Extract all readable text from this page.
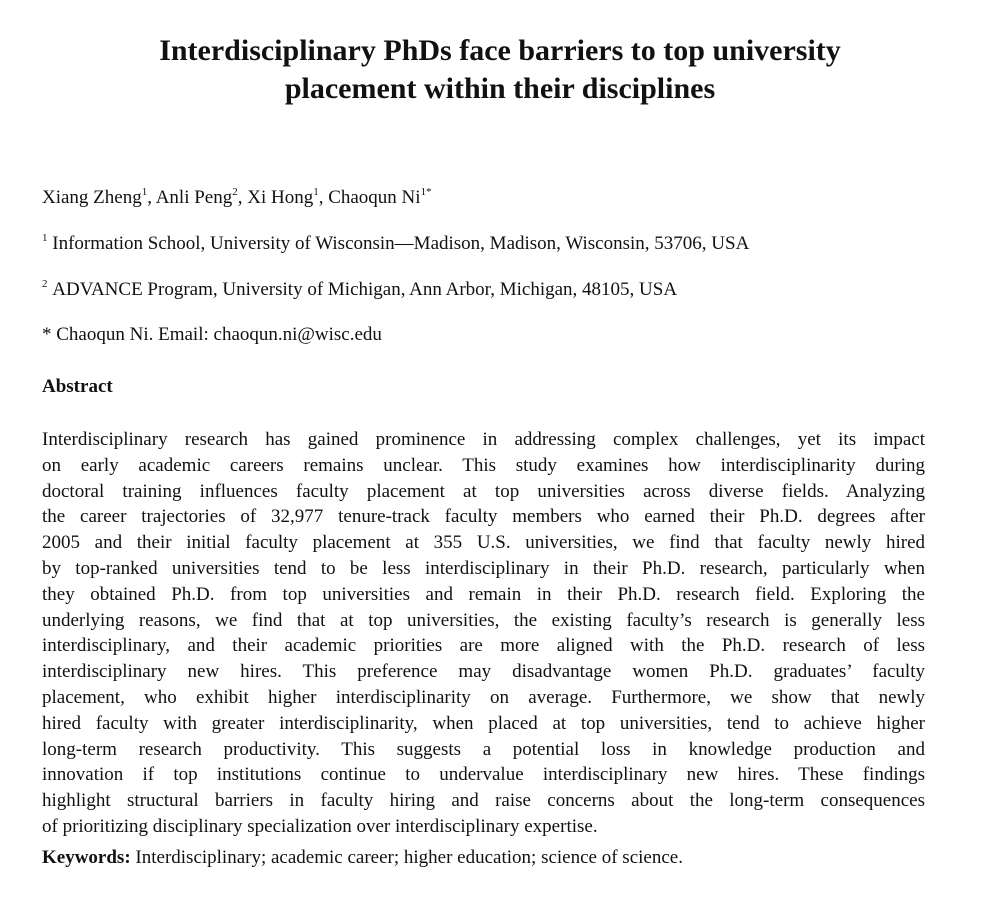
Interdisciplinary PhDs face barriers to top university
placement within their disciplines
Xiang Zheng$^1$, Anli Peng$^2$, Xi Hong$^1$, Chaoqun $Ni^{1*}$
$^1$ Information School, University of Wisconsin—Madison, Madison, Wisconsin, 53706, USA
$^2$ ADVANCE Program, University of Michigan, Ann Arbor, Michigan, 48105, USA
* Chaoqun Ni. Email: chaoqun.ni@wisc.edu
Abstract

Interdisciplinary research has gained prominence in addressing complex challenges, yet its impact
on early academic careers remains unclear. This study examines how interdisciplinarity during
doctoral training influences faculty placement at top universities across diverse fields. Analyzing
the career trajectories of 32,977 tenure-track faculty members who earned their Ph.D. degrees after
2005 and their initial faculty placement at 355 U.S. universities, we find that faculty newly hired
by top-ranked universities tend to be less interdisciplinary in their Ph.D. research, particularly when
they obtained Ph.D. from top universities and remain in their Ph.D. research field. Exploring the
underlying reasons, we find that at top universities, the existing faculty’s research is generally less
interdisciplinary, and their academic priorities are more aligned with the Ph.D. research of less
interdisciplinary new hires. This preference may disadvantage women Ph.D. graduates’ faculty
placement, who exhibit higher interdisciplinarity on average. Furthermore, we show that newly
hired faculty with greater interdisciplinarity, when placed at top universities, tend to achieve higher
long-term research productivity. This suggests a potential loss in knowledge production and
innovation if top institutions continue to undervalue interdisciplinary new hires. These findings
highlight structural barriers in faculty hiring and raise concerns about the long-term consequences
of prioritizing disciplinary specialization over interdisciplinary expertise.

Keywords: Interdisciplinary; academic career; higher education; science of science.
